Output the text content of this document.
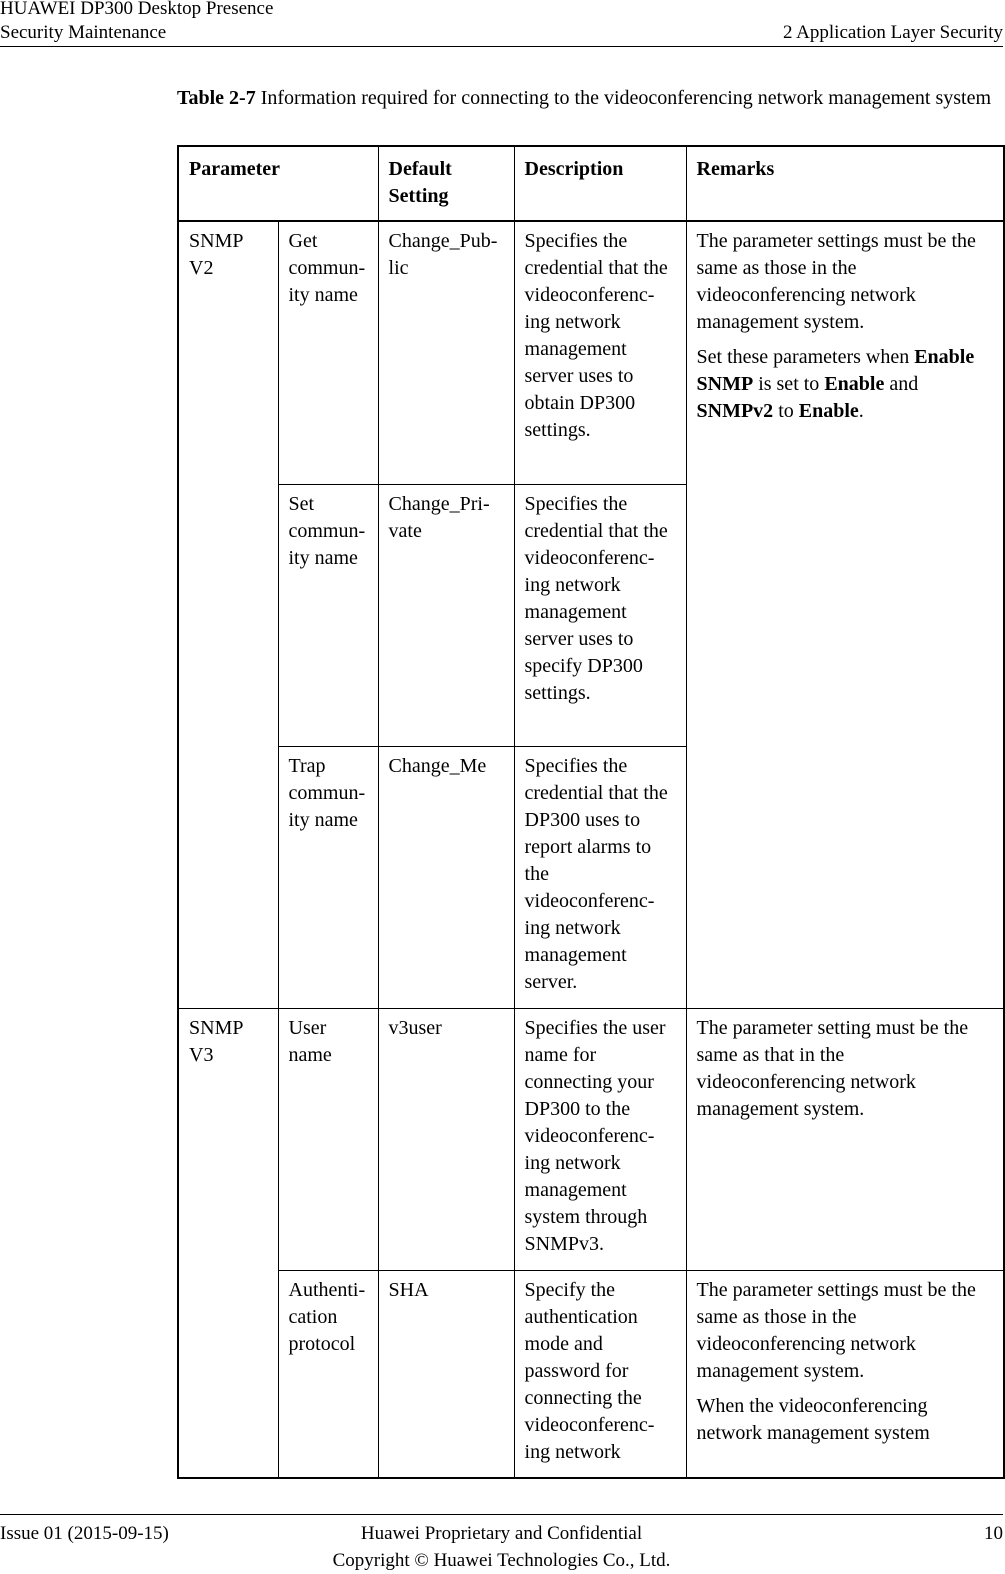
HUAWEI DP300 Desktop Presence
Security Maintenance	2 Application Layer Security
Table 2-7 Information required for connecting to the videoconferencing network management system
Parameter		Default Setting	Description	Remarks
SNMP V2	Get community name	Change_Public	Specifies the credential that the videoconferenc-ing network management server uses to obtain DP300 settings.	The parameter settings must be the same as those in the videoconferencing network management system.

Set these parameters when Enable SNMP is set to Enable and SNMPv2 to Enable.

	Set community name	Change_Private	Specifies the credential that the videoconferenc-ing network management server uses to specify DP300 settings.	
	Trap community name	Change_Me	Specifies the credential that the DP300 uses to report alarms to the videoconferenc-ing network management server.	
SNMP V3	User name	v3user	Specifies the user name for connecting your DP300 to the videoconferenc-ing network management system through SNMPv3.	The parameter setting must be the same as that in the videoconferencing network management system.

	Authentication protocol	SHA	Specify the authentication mode and password for connecting the videoconferenc-ing network	The parameter settings must be the same as those in the videoconferencing network management system.

When the videoconferencing network management system

Issue 01 (2015-09-15)	Huawei Proprietary and Confidential
Copyright © Huawei Technologies Co., Ltd.
10
